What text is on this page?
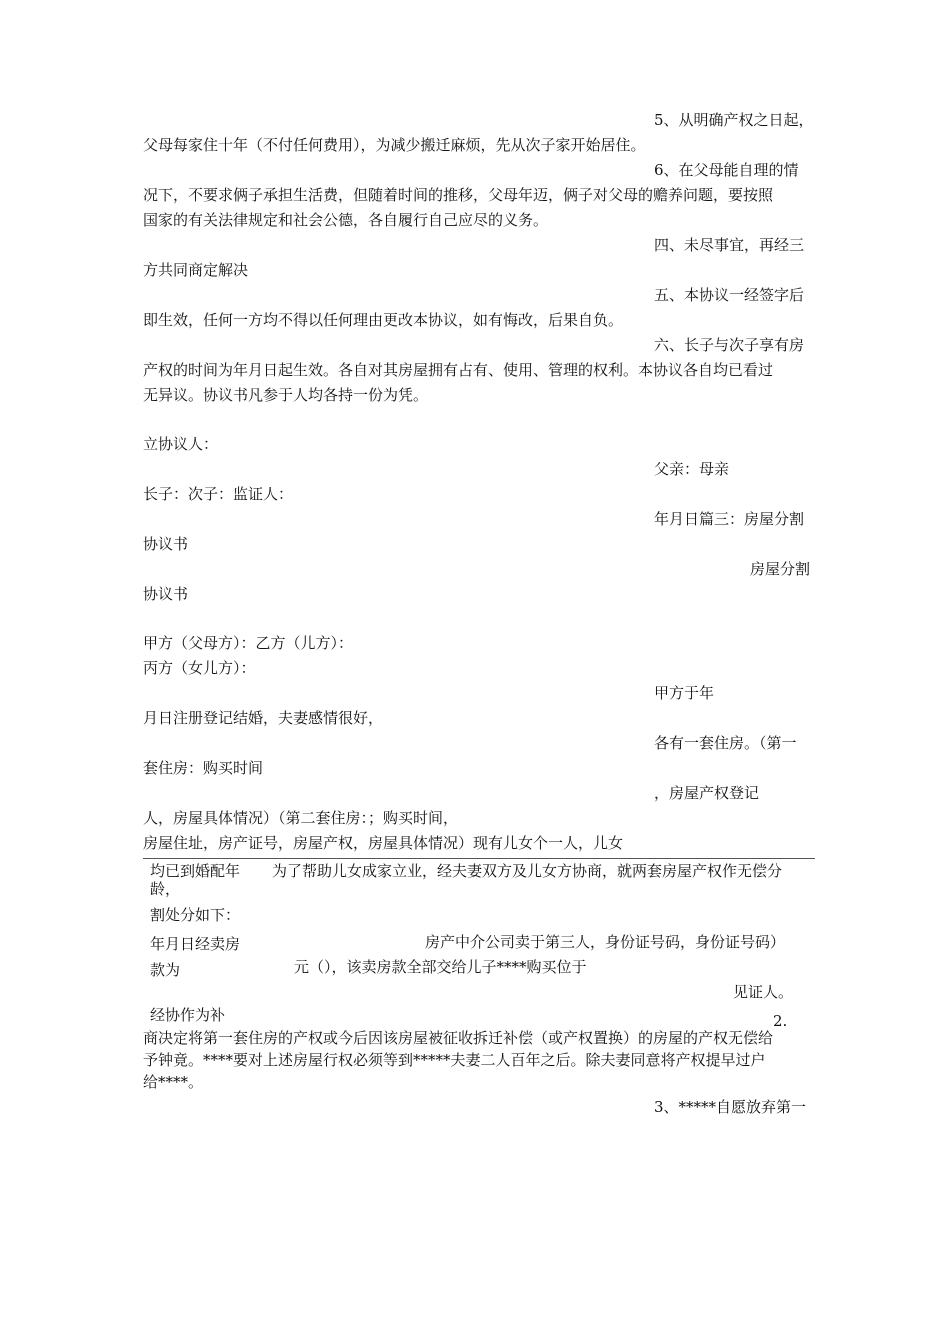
5、从明确产权之日起，
父母每家住十年（不付任何费用），为减少搬迁麻烦，先从次子家开始居住。
6、在父母能自理的情
况下，不要求俩子承担生活费，但随着时间的推移，父母年迈，俩子对父母的赡养问题，要按照
国家的有关法律规定和社会公德，各自履行自己应尽的义务。
四、未尽事宜，再经三
方共同商定解决
五、本协议一经签字后
即生效，任何一方均不得以任何理由更改本协议，如有悔改，后果自负。
六、长子与次子享有房
产权的时间为年月日起生效。各自对其房屋拥有占有、使用、管理的权利。本协议各自均已看过
无异议。协议书凡参于人均各持一份为凭。
立协议人：
父亲：母亲
长子：次子：监证人：
年月日篇三：房屋分割
协议书
房屋分割
协议书
甲方（父母方）：乙方（儿方）：
丙方（女儿方）：
甲方于年
月日注册登记结婚，夫妻感情很好，
各有一套住房。（第一
套住房：购买时间
，房屋产权登记
人，房屋具体情况）（第二套住房：；购买时间，
房屋住址，房产证号，房屋产权，房屋具体情况）现有儿女个一人，儿女
均已到婚配年龄，
为了帮助儿女成家立业，经夫妻双方及儿女方协商，就两套房屋产权作无偿分
割处分如下：
年月日经卖房	房产中介公司卖于第三人，身份证号码，身份证号码）
款为	元（），该卖房款全部交给儿子****购买位于
见证人。
经协作为补	2.
商决定将第一套住房的产权或今后因该房屋被征收拆迁补偿（或产权置换）的房屋的产权无偿给
予钟竟。****要对上述房屋行权必须等到*****夫妻二人百年之后。除夫妻同意将产权提早过户
给****。
3、*****自愿放弃第一
